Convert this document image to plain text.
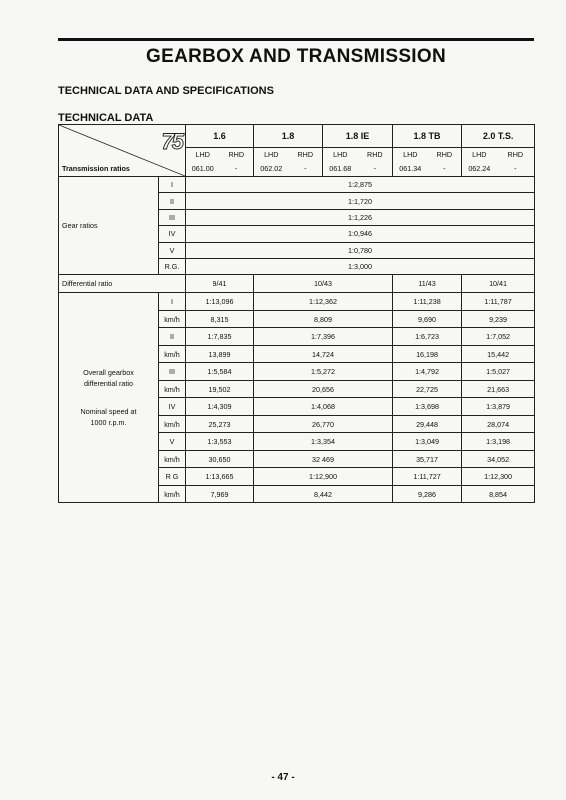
GEARBOX AND TRANSMISSION
TECHNICAL DATA AND SPECIFICATIONS
TECHNICAL DATA
75
Transmission ratios		1.6		1.8		1.8 IE		1.8 TB		2.0 T.S.	
		LHD	RHD	LHD	RHD	LHD	RHD	LHD	RHD	LHD	RHD
		061.00	-	062.02	-	061.68	-	061.34	-	062.24	-
Gear ratios	I	1:2,875									
	II	1:1,720									
	III	1:1,226									
	IV	1:0,946									
	V	1:0,780									
	R.G.	1:3,000									
Differential ratio		9/41		10/43				11/43		10/41	

Overall gearbox
differential ratio
Nominal speed at
1000 r.p.m.	I	1:13,096		1:12,362				1:11,238		1:11,787	
	km/h	8,315		8,809				9,690		9,239	
	II	1:7,835		1:7,396				1:6,723		1:7,052	
	km/h	13,899		14,724				16,198		15,442	
	III	1:5,584		1:5,272				1:4,792		1:5,027	
	km/h	19,502		20,656				22,725		21,663	
	IV	1:4,309		1:4,068				1:3,698		1:3,879	
	km/h	25,273		26,770				29,448		28,074	
	V	1:3,553		1:3,354				1:3,049		1:3,198	
	km/h	30,650		32 469				35,717		34,052	
	R G	1:13,665		1:12,900				1:11,727		1:12,300	
	km/h	7,969		8,442				9,286		8,854	
- 47 -
